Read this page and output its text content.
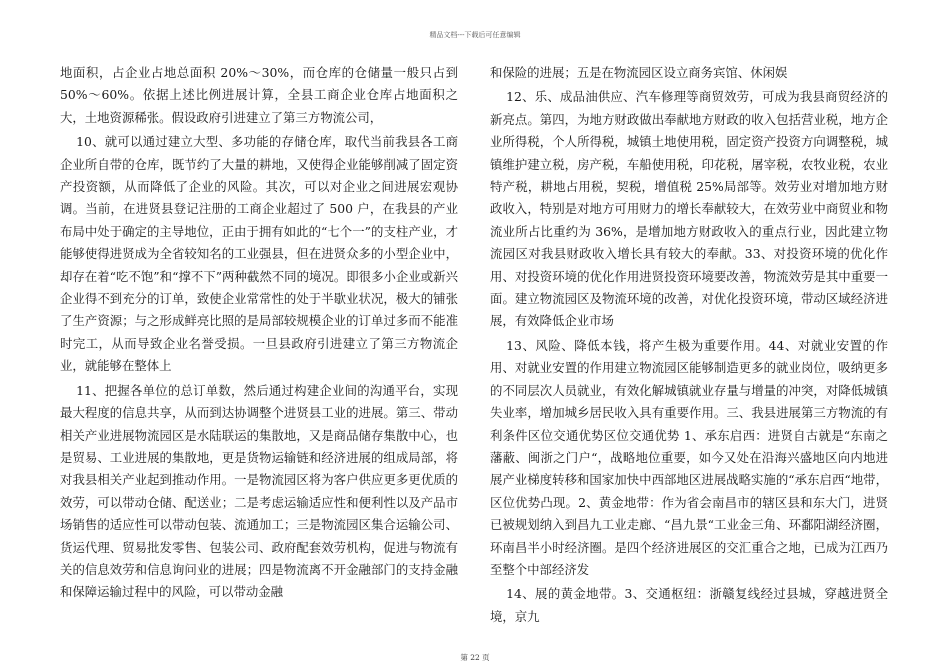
精品文档---下载后可任意编辑

地面积，占企业占地总面积 20%～30%，而仓库的仓储量一般只占到 50%～60%。依据上述比例进展计算，全县工商企业仓库占地面积之大，土地资源稀张。假设政府引进建立了第三方物流公司，

10、就可以通过建立大型、多功能的存储仓库，取代当前我县各工商企业所自带的仓库，既节约了大量的耕地，又使得企业能够削减了固定资产投资额，从而降低了企业的风险。其次，可以对企业之间进展宏观协调。当前，在进贤县登记注册的工商企业超过了 500 户，在我县的产业布局中处于确定的主导地位，正由于拥有如此的“七个一”的支柱产业，才能够使得进贤成为全省较知名的工业强县，但在进贤众多的小型企业中，却存在着“吃不饱”和“撑不下”两种截然不同的境况。即很多小企业或新兴企业得不到充分的订单，致使企业常常性的处于半歇业状况，极大的铺张了生产资源；与之形成鲜亮比照的是局部较规模企业的订单过多而不能准时完工，从而导致企业名誉受损。一旦县政府引进建立了第三方物流企业，就能够在整体上

11、把握各单位的总订单数，然后通过构建企业间的沟通平台，实现最大程度的信息共享，从而到达协调整个进贤县工业的进展。第三、带动相关产业进展物流园区是水陆联运的集散地，又是商品储存集散中心，也是贸易、工业进展的集散地，更是货物运输链和经济进展的组成局部，将对我县相关产业起到推动作用。一是物流园区将为客户供应更多更优质的效劳，可以带动仓储、配送业；二是考虑运输适应性和便利性以及产品市场销售的适应性可以带动包装、流通加工；三是物流园区集合运输公司、货运代理、贸易批发零售、包装公司、政府配套效劳机构，促进与物流有关的信息效劳和信息询问业的进展；四是物流离不开金融部门的支持金融和保障运输过程中的风险，可以带动金融

和保险的进展；五是在物流园区设立商务宾馆、休闲娱

12、乐、成品油供应、汽车修理等商贸效劳，可成为我县商贸经济的新亮点。第四，为地方财政做出奉献地方财政的收入包括营业税，地方企业所得税，个人所得税，城镇土地使用税，固定资产投资方向调整税，城镇维护建立税，房产税，车船使用税，印花税，屠宰税，农牧业税，农业特产税，耕地占用税，契税，增值税 25%局部等。效劳业对增加地方财政收入，特别是对地方可用财力的增长奉献较大，在效劳业中商贸业和物流业所占比重约为 36%，是增加地方财政收入的重点行业，因此建立物流园区对我县财政收入增长具有较大的奉献。33、对投资环境的优化作用、对投资环境的优化作用进贤投资环境要改善，物流效劳是其中重要一面。建立物流园区及物流环境的改善，对优化投资环境，带动区域经济进展，有效降低企业市场

13、风险、降低本钱，将产生极为重要作用。44、对就业安置的作用、对就业安置的作用建立物流园区能够制造更多的就业岗位，吸纳更多的不同层次人员就业，有效化解城镇就业存量与增量的冲突，对降低城镇失业率，增加城乡居民收入具有重要作用。三、我县进展第三方物流的有利条件区位交通优势区位交通优势 1、承东启西：进贤自古就是“东南之藩蔽、闽浙之门户“，战略地位重要，如今又处在沿海兴盛地区向内地进展产业梯度转移和国家加快中西部地区进展战略实施的“承东启西“地带，区位优势凸现。2、黄金地带：作为省会南昌市的辖区县和东大门，进贤已被规划纳入到昌九工业走廊、“昌九景“工业金三角、环鄱阳湖经济圈，环南昌半小时经济圈。是四个经济进展区的交汇重合之地，已成为江西乃至整个中部经济发

14、展的黄金地带。3、交通枢纽：浙赣复线经过县城，穿越进贤全境，京九

第 22 页
